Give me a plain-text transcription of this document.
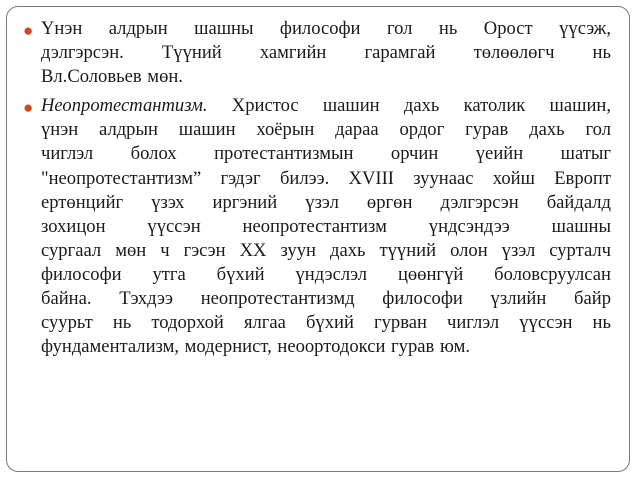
● Үнэн алдрын шашны философи гол нь Орост үүсэж,
дэлгэрсэн. Түүний хамгийн гарамгай төлөөлөгч нь
Вл.Соловьев мөн.

● Неопротестантизм. Христос шашин дахь католик шашин,
үнэн алдрын шашин хоёрын дараа ордог гурав дахь гол
чиглэл болох протестантизмын орчин үеийн шатыг
"неопротестантизм” гэдэг билээ. XVIII зуунаас хойш Европт
ертөнцийг үзэх иргэний үзэл өргөн дэлгэрсэн байдалд
зохицон үүссэн неопротестантизм үндсэндээ шашны
сургаал мөн ч гэсэн XX зуун дахь түүний олон үзэл сурталч
философи утга бүхий үндэслэл цөөнгүй боловсруулсан
байна. Тэхдээ неопротестантизмд философи үзлийн байр
суурьт нь тодорхой ялгаа бүхий гурван чиглэл үүссэн нь
фундаментализм, модернист, неоортодокси гурав юм.
